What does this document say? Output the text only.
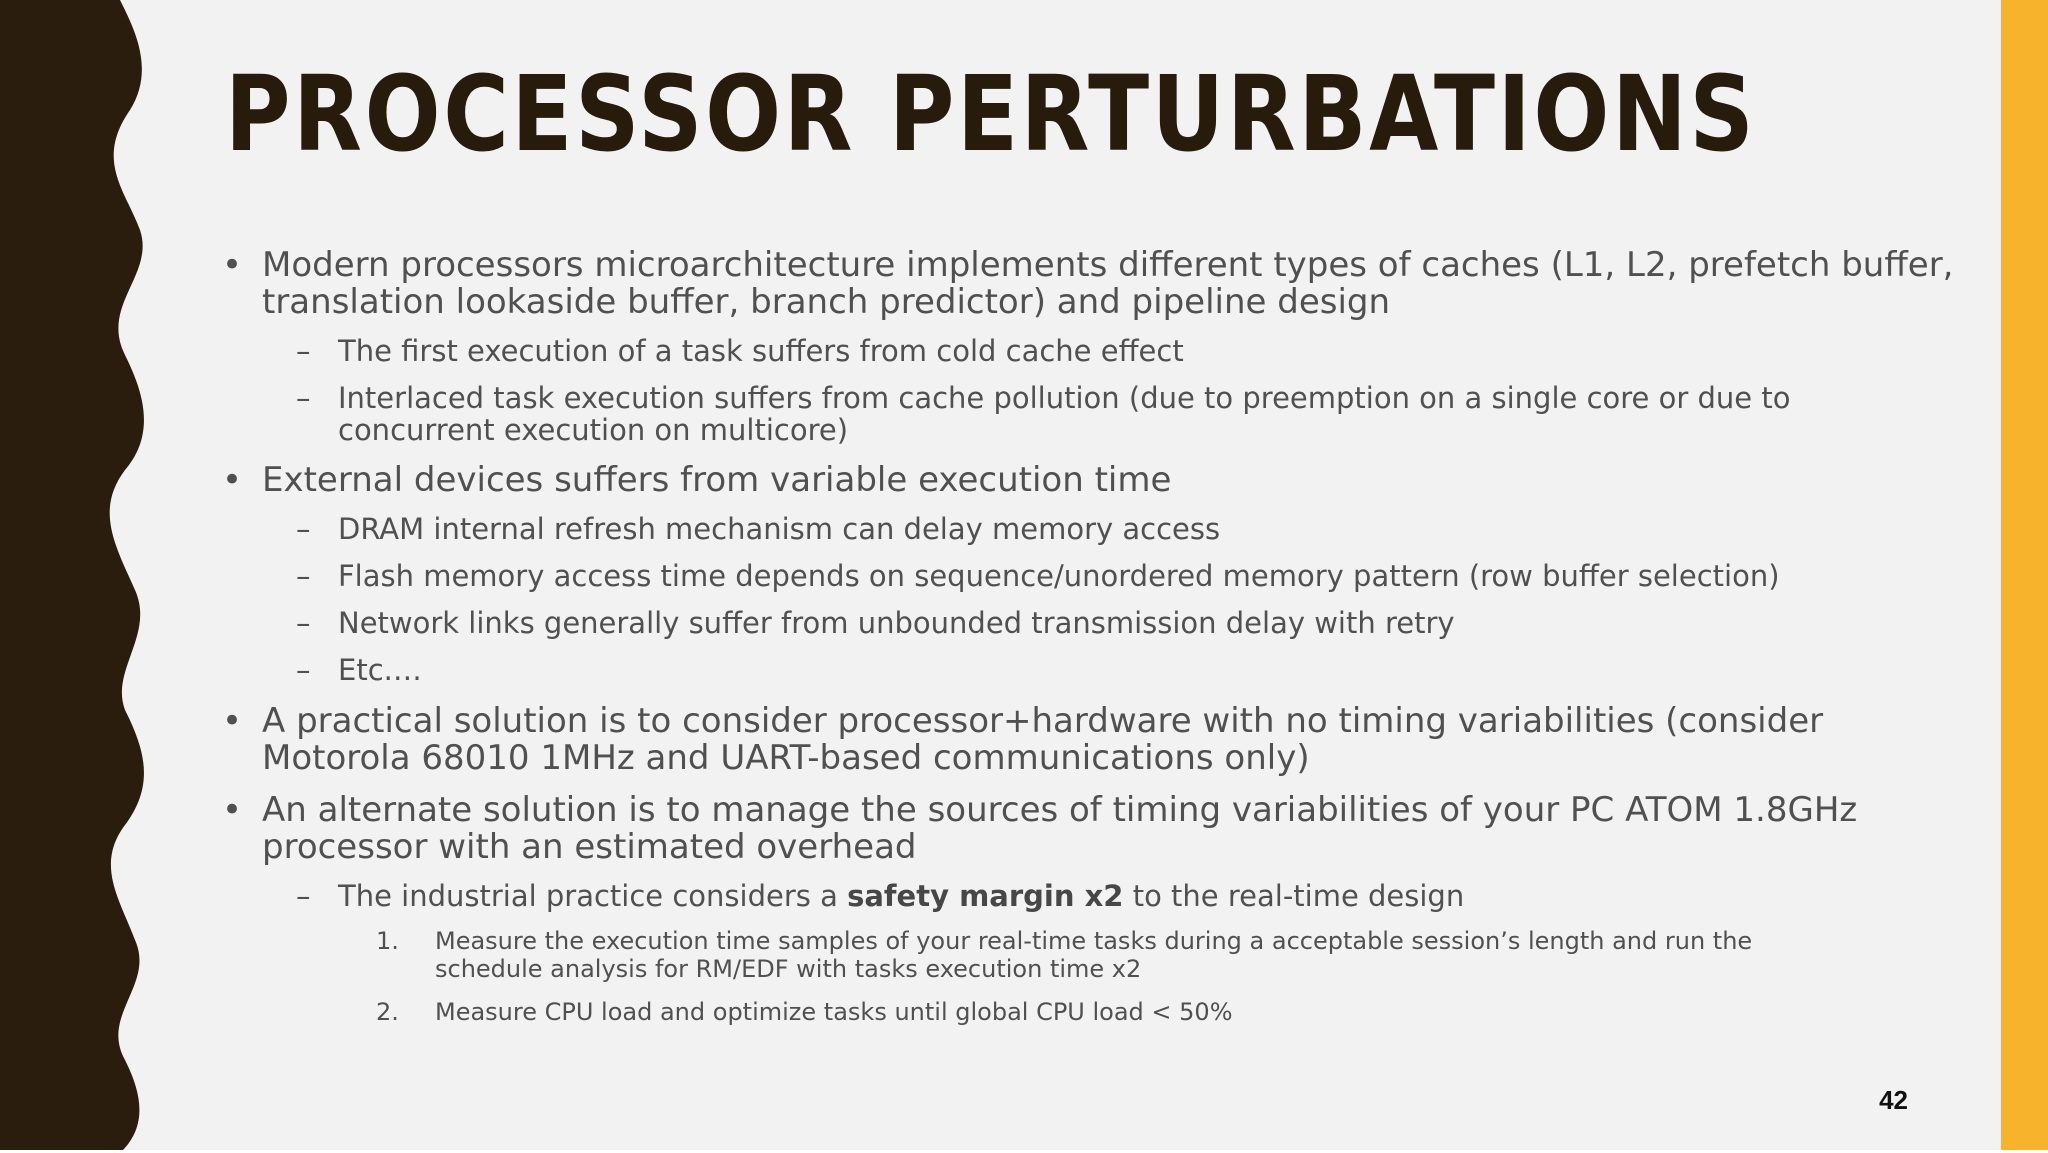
PROCESSOR PERTURBATIONS
• Modern processors microarchitecture implements different types of caches (L1, L2, prefetch buffer,

translation lookaside buffer, branch predictor) and pipeline design

– The first execution of a task suffers from cold cache effect

– Interlaced task execution suffers from cache pollution (due to preemption on a single core or due to

concurrent execution on multicore)

• External devices suffers from variable execution time

– DRAM internal refresh mechanism can delay memory access

– Flash memory access time depends on sequence/unordered memory pattern (row buffer selection)

– Network links generally suffer from unbounded transmission delay with retry

– Etc.…

• A practical solution is to consider processor+hardware with no timing variabilities (consider

Motorola 68010 1MHz and UART-based communications only)

• An alternate solution is to manage the sources of timing variabilities of your PC ATOM 1.8GHz

processor with an estimated overhead

– The industrial practice considers a safety margin x2 to the real-time design

1. Measure the execution time samples of your real-time tasks during a acceptable session’s length and run the

schedule analysis for RM/EDF with tasks execution time x2

2. Measure CPU load and optimize tasks until global CPU load < 50%

42
